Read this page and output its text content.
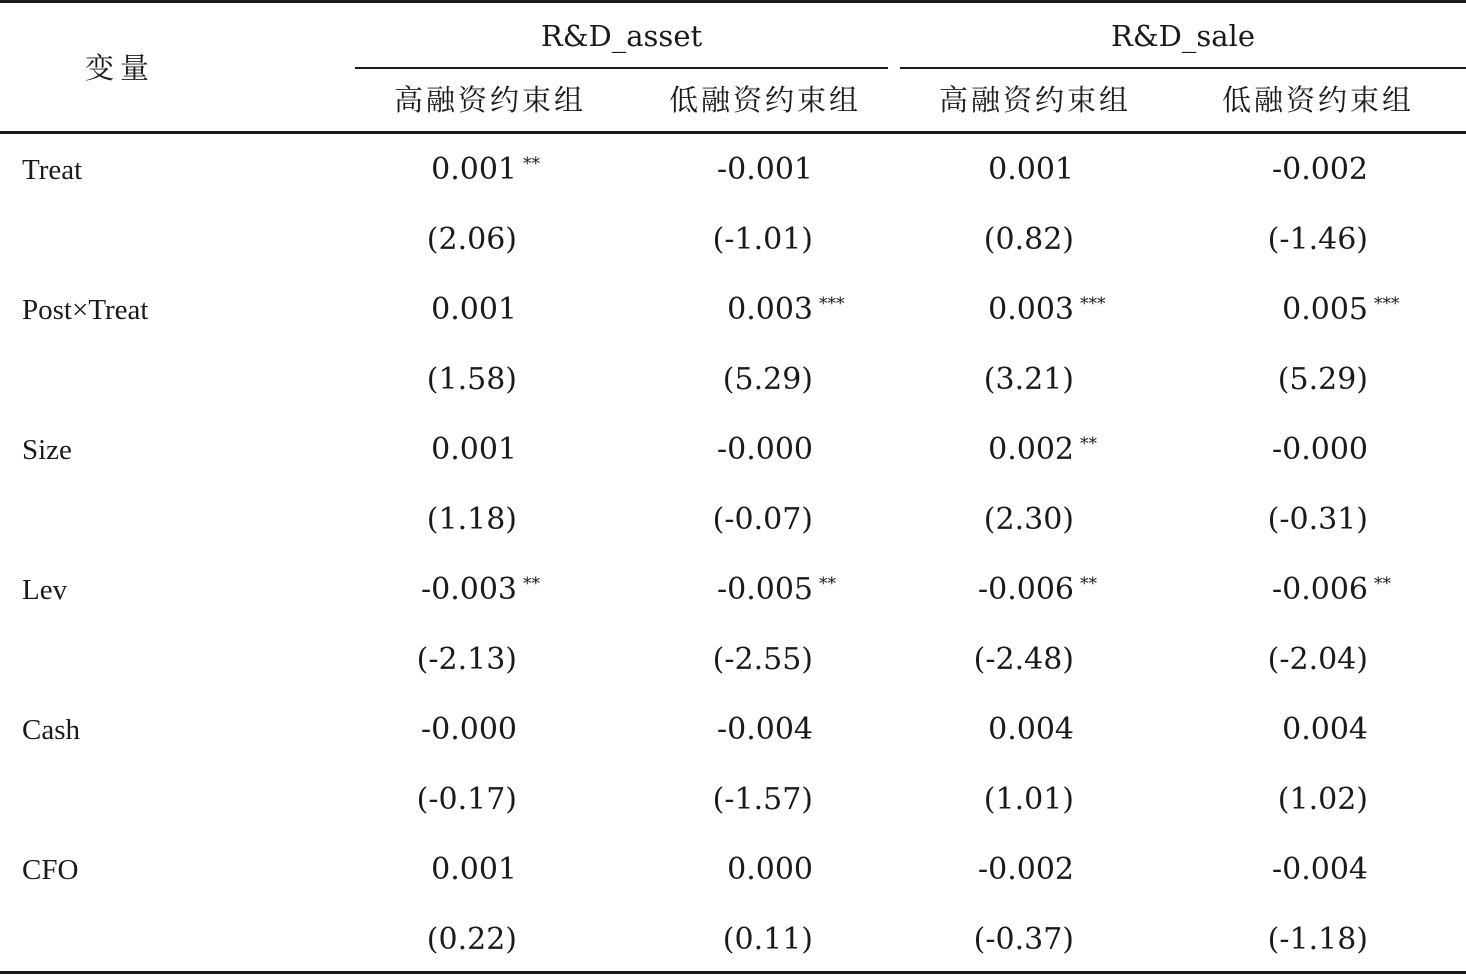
变量
R&D_asset	R&D_sale
高融资约束组	低融资约束组	高融资约束组	低融资约束组
Treat	0.001 **	-0.001	0.001	-0.002
(2.06)	(-1.01)	(0.82)	(-1.46)
Post×Treat	0.001	0.003 ***	0.003 ***	0.005 ***
(1.58)	(5.29)	(3.21)	(5.29)
Size	0.001	-0.000	0.002 **	-0.000
(1.18)	(-0.07)	(2.30)	(-0.31)
Lev	-0.003 **	-0.005 **	-0.006 **	-0.006 **
(-2.13)	(-2.55)	(-2.48)	(-2.04)
Cash	-0.000	-0.004	0.004	0.004
(-0.17)	(-1.57)	(1.01)	(1.02)
CFO	0.001	0.000	-0.002	-0.004
(0.22)	(0.11)	(-0.37)	(-1.18)
